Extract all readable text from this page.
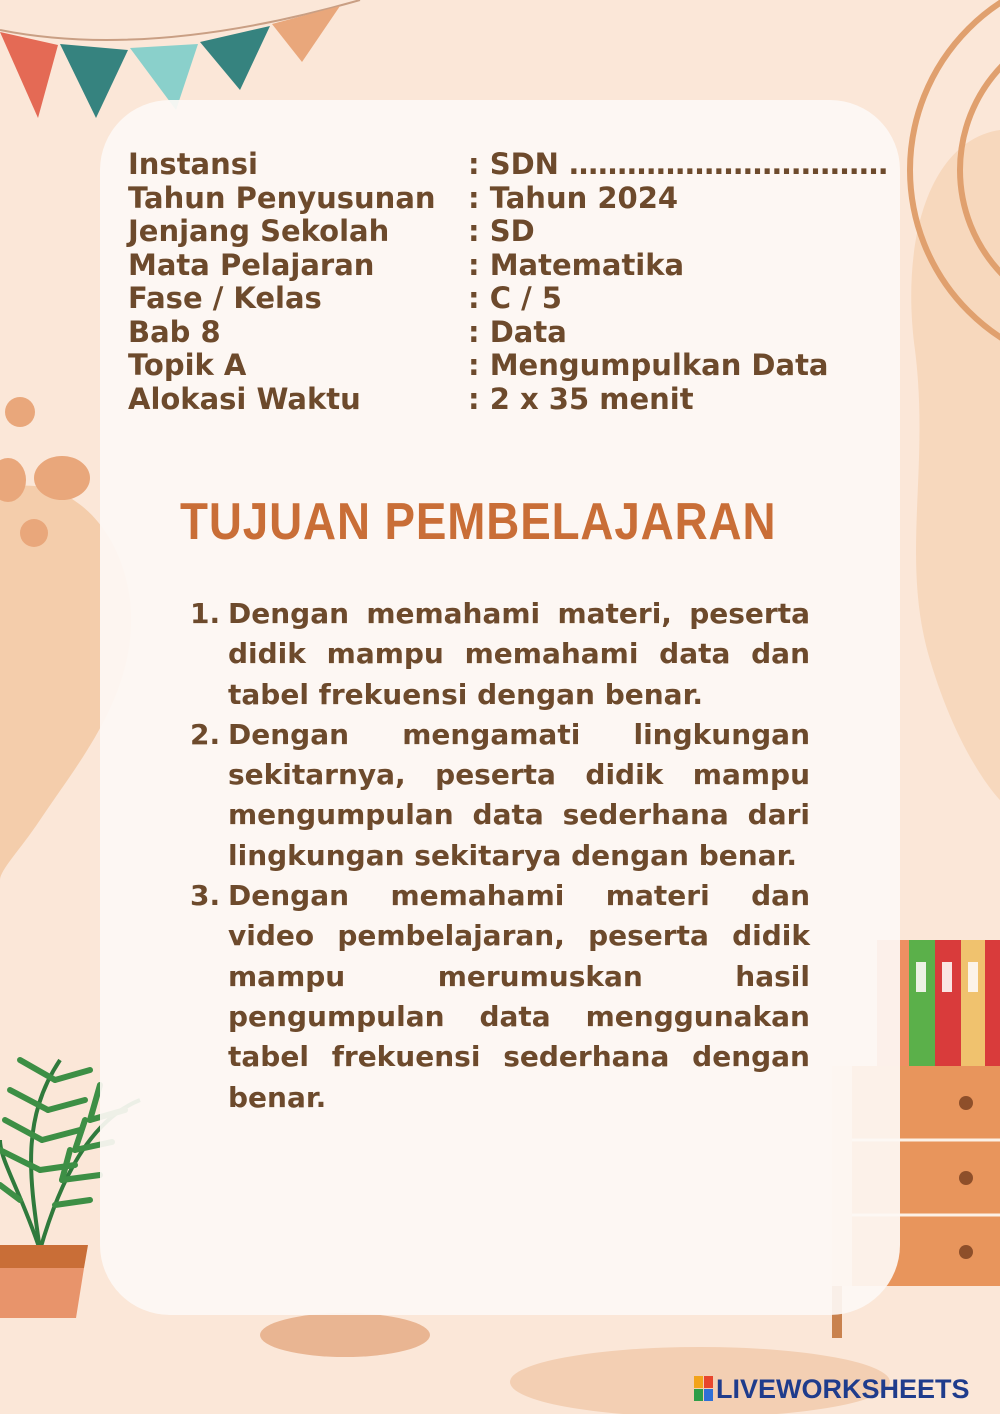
Instansi	: SDN ……………………………
Tahun Penyusunan	: Tahun 2024
Jenjang Sekolah	: SD
Mata Pelajaran	: Matematika
Fase / Kelas	: C / 5
Bab 8	: Data
Topik A	: Mengumpulkan Data
Alokasi Waktu	: 2 x 35 menit
TUJUAN PEMBELAJARAN
1. Dengan memahami materi, peserta didik mampu memahami data dan tabel frekuensi dengan benar.
2. Dengan mengamati lingkungan sekitarnya, peserta didik mampu mengumpulan data sederhana dari lingkungan sekitarya dengan benar.
3. Dengan memahami materi dan video pembelajaran, peserta didik mampu merumuskan hasil pengumpulan data menggunakan tabel frekuensi sederhana dengan benar.
LIVEWORKSHEETS
